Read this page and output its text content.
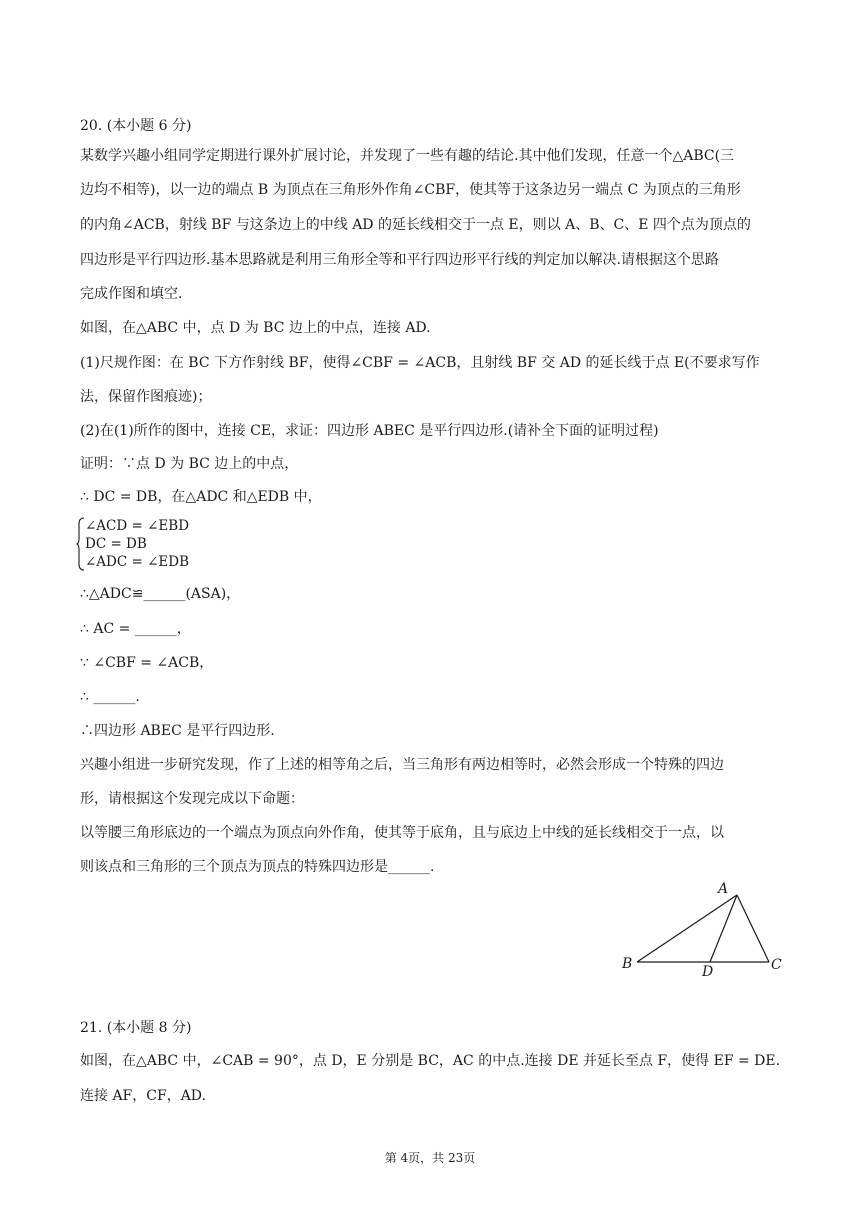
20. (本小题 6 分)
某数学兴趣小组同学定期进行课外扩展讨论，并发现了一些有趣的结论.其中他们发现，任意一个△ABC(三
边均不相等)，以一边的端点 B 为顶点在三角形外作角∠CBF，使其等于这条边另一端点 C 为顶点的三角形
的内角∠ACB，射线 BF 与这条边上的中线 AD 的延长线相交于一点 E，则以 A、B、C、E 四个点为顶点的
四边形是平行四边形.基本思路就是利用三角形全等和平行四边形平行线的判定加以解决.请根据这个思路
完成作图和填空.
如图，在△ABC 中，点 D 为 BC 边上的中点，连接 AD.
(1)尺规作图：在 BC 下方作射线 BF，使得∠CBF = ∠ACB，且射线 BF 交 AD 的延长线于点 E(不要求写作
法，保留作图痕迹)；
(2)在(1)所作的图中，连接 CE，求证：四边形 ABEC 是平行四边形.(请补全下面的证明过程)
证明：∵点 D 为 BC 边上的中点，
∴ DC = DB，在△ADC 和△EDB 中，
∠ACD = ∠EBD
DC = DB
∠ADC = ∠EDB
∴△ADC≌______(ASA)，
∴ AC = ______，
∵ ∠CBF = ∠ACB，
∴ ______.
∴四边形 ABEC 是平行四边形.
兴趣小组进一步研究发现，作了上述的相等角之后，当三角形有两边相等时，必然会形成一个特殊的四边
形，请根据这个发现完成以下命题：
以等腰三角形底边的一个端点为顶点向外作角，使其等于底角，且与底边上中线的延长线相交于一点，以
则该点和三角形的三个顶点为顶点的特殊四边形是______.
A
B	C
D
21. (本小题 8 分)
如图，在△ABC 中，∠CAB = 90°，点 D，E 分别是 BC，AC 的中点.连接 DE 并延长至点 F，使得 EF = DE.
连接 AF，CF，AD.
第 4页，共 23页
